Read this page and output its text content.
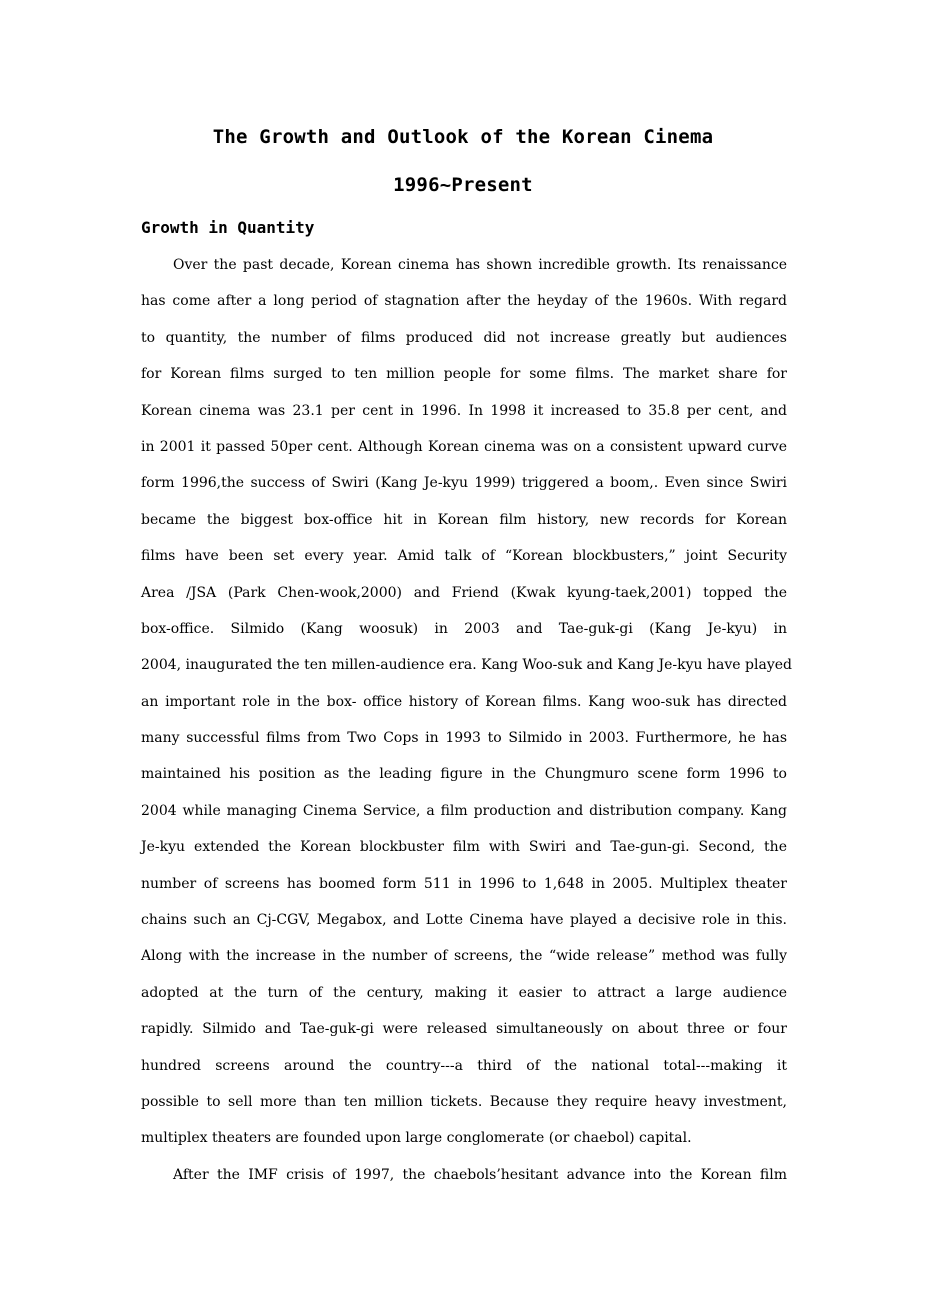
The Growth and Outlook of the Korean Cinema
1996~Present
Growth in Quantity
Over the past decade, Korean cinema has shown incredible growth. Its renaissance
has come after a long period of stagnation after the heyday of the 1960s. With regard
to quantity, the number of films produced did not increase greatly but audiences
for Korean films surged to ten million people for some films. The market share for
Korean cinema was 23.1 per cent in 1996. In 1998 it increased to 35.8 per cent, and
in 2001 it passed 50per cent. Although Korean cinema was on a consistent upward curve
form 1996,the success of Swiri (Kang Je-kyu 1999) triggered a boom,. Even since Swiri
became the biggest box-office hit in Korean film history, new records for Korean
films have been set every year. Amid talk of “Korean blockbusters,” joint Security
Area /JSA (Park Chen-wook,2000) and Friend (Kwak kyung-taek,2001) topped the
box-office. Silmido (Kang woosuk) in 2003 and Tae-guk-gi (Kang Je-kyu) in
2004, inaugurated the ten millen-audience era. Kang Woo-suk and Kang Je-kyu have played
an important role in the box- office history of Korean films. Kang woo-suk has directed
many successful films from Two Cops in 1993 to Silmido in 2003. Furthermore, he has
maintained his position as the leading figure in the Chungmuro scene form 1996 to
2004 while managing Cinema Service, a film production and distribution company. Kang
Je-kyu extended the Korean blockbuster film with Swiri and Tae-gun-gi. Second, the
number of screens has boomed form 511 in 1996 to 1,648 in 2005. Multiplex theater
chains such an Cj-CGV, Megabox, and Lotte Cinema have played a decisive role in this.
Along with the increase in the number of screens, the “wide release” method was fully
adopted at the turn of the century, making it easier to attract a large audience
rapidly. Silmido and Tae-guk-gi were released simultaneously on about three or four
hundred screens around the country---a third of the national total---making it
possible to sell more than ten million tickets. Because they require heavy investment,
multiplex theaters are founded upon large conglomerate (or chaebol) capital.
After the IMF crisis of 1997, the chaebols’hesitant advance into the Korean film
